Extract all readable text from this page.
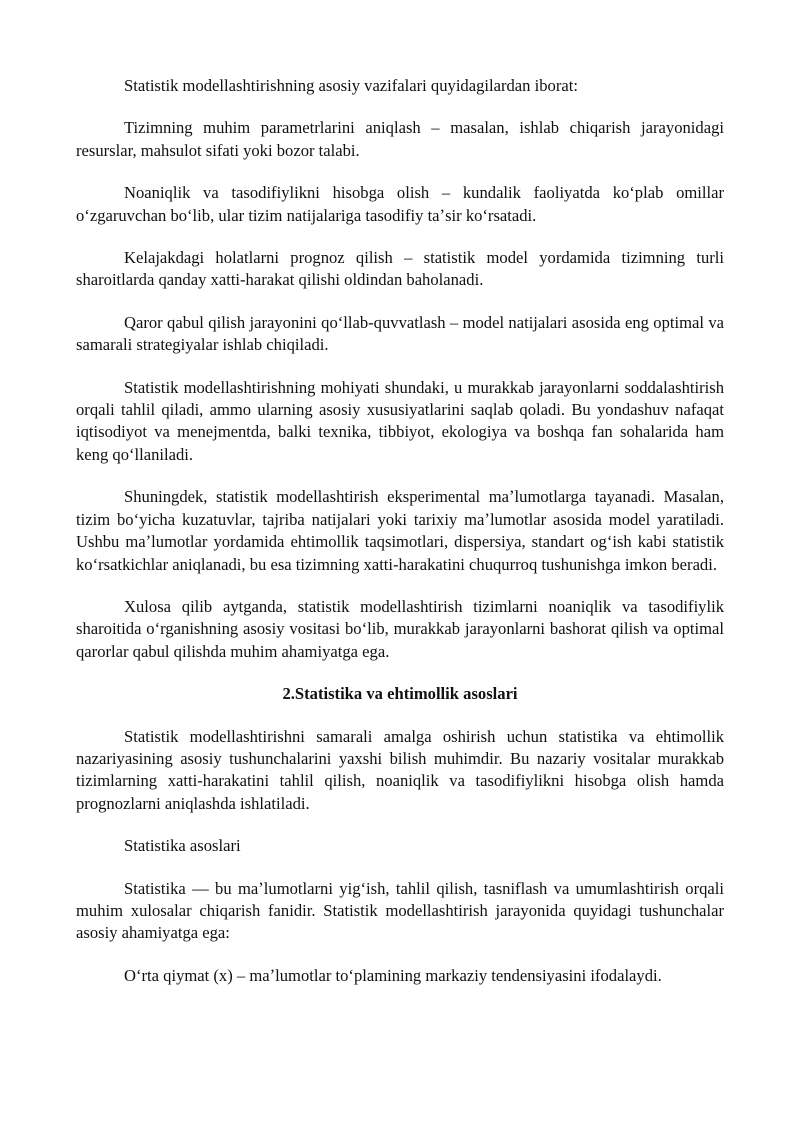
Statistik modellashtirishning asosiy vazifalari quyidagilardan iborat:

Tizimning muhim parametrlarini aniqlash – masalan, ishlab chiqarish jarayonidagi resurslar, mahsulot sifati yoki bozor talabi.

Noaniqlik va tasodifiylikni hisobga olish – kundalik faoliyatda koʻplab omillar oʻzgaruvchan boʻlib, ular tizim natijalariga tasodifiy taʼsir koʻrsatadi.

Kelajakdagi holatlarni prognoz qilish – statistik model yordamida tizimning turli sharoitlarda qanday xatti-harakat qilishi oldindan baholanadi.

Qaror qabul qilish jarayonini qoʻllab-quvvatlash – model natijalari asosida eng optimal va samarali strategiyalar ishlab chiqiladi.

Statistik modellashtirishning mohiyati shundaki, u murakkab jarayonlarni soddalashtirish orqali tahlil qiladi, ammo ularning asosiy xususiyatlarini saqlab qoladi. Bu yondashuv nafaqat iqtisodiyot va menejmentda, balki texnika, tibbiyot, ekologiya va boshqa fan sohalarida ham keng qoʻllaniladi.

Shuningdek, statistik modellashtirish eksperimental maʼlumotlarga tayanadi. Masalan, tizim boʻyicha kuzatuvlar, tajriba natijalari yoki tarixiy maʼlumotlar asosida model yaratiladi. Ushbu maʼlumotlar yordamida ehtimollik taqsimotlari, dispersiya, standart ogʻish kabi statistik koʻrsatkichlar aniqlanadi, bu esa tizimning xatti-harakatini chuqurroq tushunishga imkon beradi.

Xulosa qilib aytganda, statistik modellashtirish tizimlarni noaniqlik va tasodifiylik sharoitida oʻrganishning asosiy vositasi boʻlib, murakkab jarayonlarni bashorat qilish va optimal qarorlar qabul qilishda muhim ahamiyatga ega.

2.Statistika va ehtimollik asoslari

Statistik modellashtirishni samarali amalga oshirish uchun statistika va ehtimollik nazariyasining asosiy tushunchalarini yaxshi bilish muhimdir. Bu nazariy vositalar murakkab tizimlarning xatti-harakatini tahlil qilish, noaniqlik va tasodifiylikni hisobga olish hamda prognozlarni aniqlashda ishlatiladi.

Statistika asoslari

Statistika — bu maʼlumotlarni yigʻish, tahlil qilish, tasniflash va umumlashtirish orqali muhim xulosalar chiqarish fanidir. Statistik modellashtirish jarayonida quyidagi tushunchalar asosiy ahamiyatga ega:

Oʻrta qiymat (x) – maʼlumotlar toʻplamining markaziy tendensiyasini ifodalaydi.
